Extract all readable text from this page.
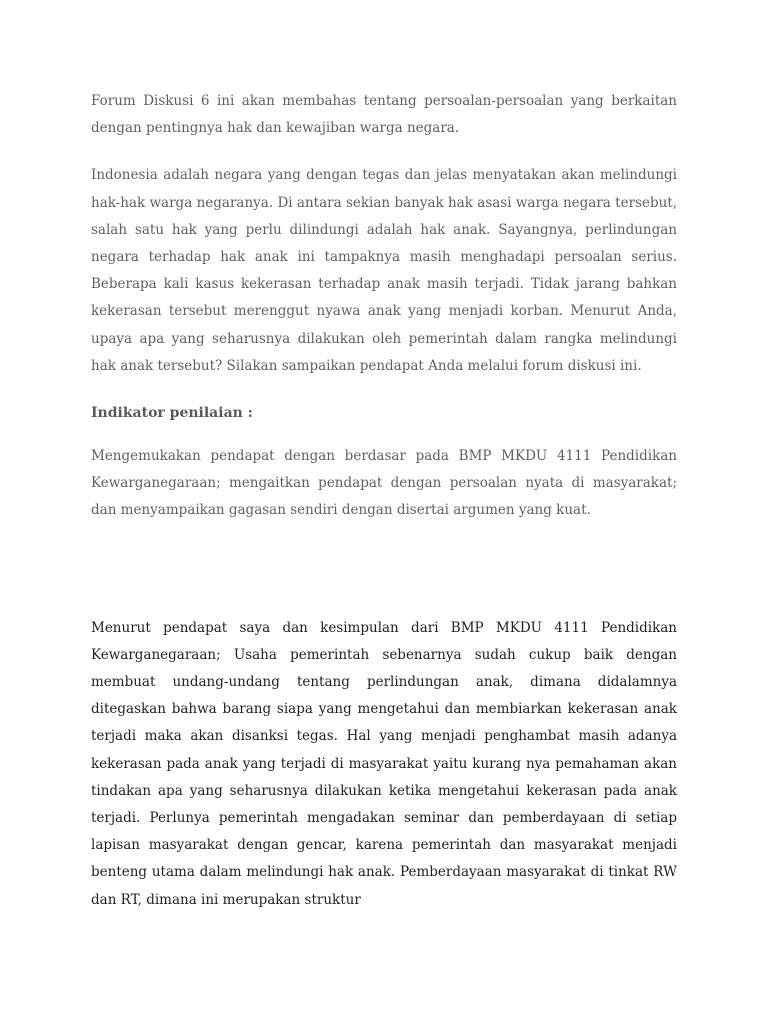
Forum Diskusi 6 ini akan membahas tentang persoalan-persoalan yang berkaitan dengan pentingnya hak dan kewajiban warga negara.

Indonesia adalah negara yang dengan tegas dan jelas menyatakan akan melindungi hak-hak warga negaranya. Di antara sekian banyak hak asasi warga negara tersebut, salah satu hak yang perlu dilindungi adalah hak anak. Sayangnya, perlindungan negara terhadap hak anak ini tampaknya masih menghadapi persoalan serius. Beberapa kali kasus kekerasan terhadap anak masih terjadi. Tidak jarang bahkan kekerasan tersebut merenggut nyawa anak yang menjadi korban. Menurut Anda, upaya apa yang seharusnya dilakukan oleh pemerintah dalam rangka melindungi hak anak tersebut? Silakan sampaikan pendapat Anda melalui forum diskusi ini.

Indikator penilaian :

Mengemukakan pendapat dengan berdasar pada BMP MKDU 4111 Pendidikan Kewarganegaraan; mengaitkan pendapat dengan persoalan nyata di masyarakat; dan menyampaikan gagasan sendiri dengan disertai argumen yang kuat.

Menurut pendapat saya dan kesimpulan dari BMP MKDU 4111 Pendidikan Kewarganegaraan; Usaha pemerintah sebenarnya sudah cukup baik dengan membuat undang-undang tentang perlindungan anak, dimana didalamnya ditegaskan bahwa barang siapa yang mengetahui dan membiarkan kekerasan anak terjadi maka akan disanksi tegas. Hal yang menjadi penghambat masih adanya kekerasan pada anak yang terjadi di masyarakat yaitu kurang nya pemahaman akan tindakan apa yang seharusnya dilakukan ketika mengetahui kekerasan pada anak terjadi. Perlunya pemerintah mengadakan seminar dan pemberdayaan di setiap lapisan masyarakat dengan gencar, karena pemerintah dan masyarakat menjadi benteng utama dalam melindungi hak anak. Pemberdayaan masyarakat di tinkat RW dan RT, dimana ini merupakan struktur
